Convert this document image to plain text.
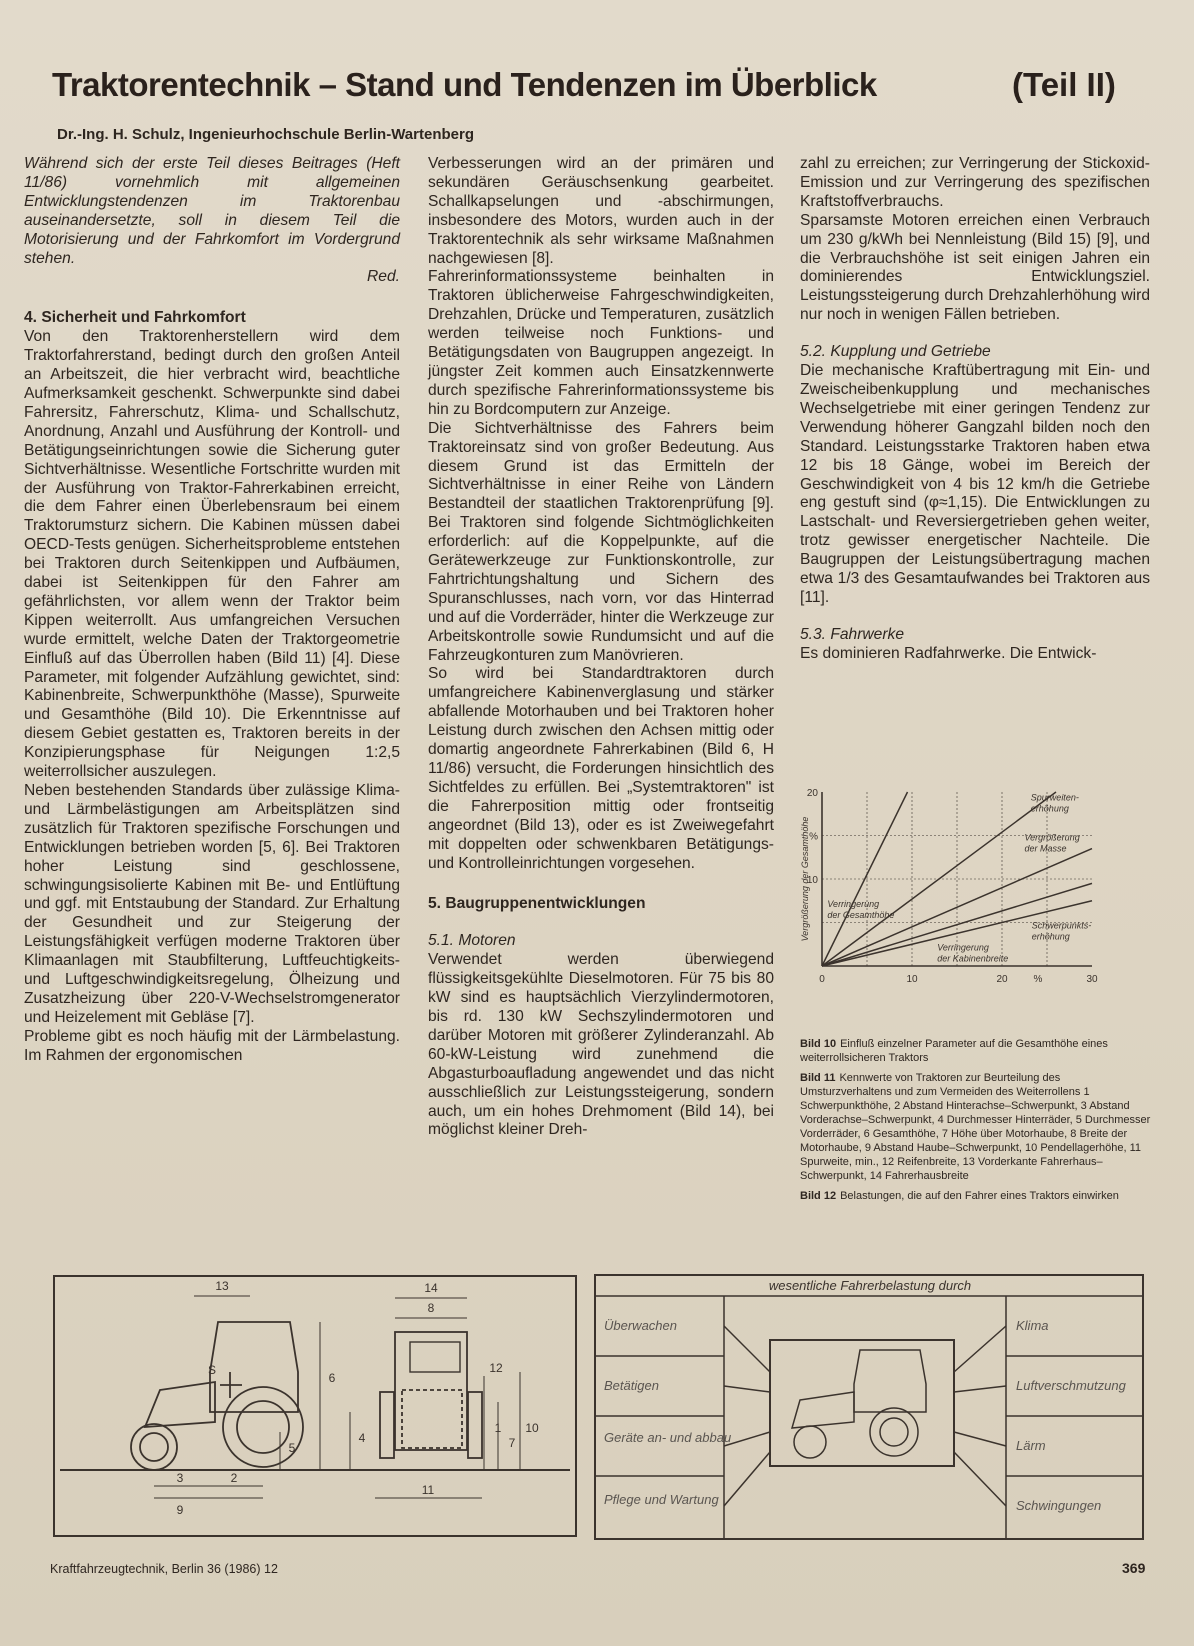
Traktorentechnik – Stand und Tendenzen im Überblick	(Teil II)
Dr.-Ing. H. Schulz, Ingenieurhochschule Berlin-Wartenberg

Während sich der erste Teil dieses Beitrages (Heft 11/86) vornehmlich mit allgemeinen Entwicklungstendenzen im Traktorenbau auseinandersetzte, soll in diesem Teil die Motorisierung und der Fahrkomfort im Vordergrund stehen.
Red.

4. Sicherheit und Fahrkomfort

Von den Traktorenherstellern wird dem Traktorfahrerstand, bedingt durch den großen Anteil an Arbeitszeit, die hier verbracht wird, beachtliche Aufmerksamkeit geschenkt. Schwerpunkte sind dabei Fahrersitz, Fahrerschutz, Klima- und Schallschutz, Anordnung, Anzahl und Ausführung der Kontroll- und Betätigungseinrichtungen sowie die Sicherung guter Sichtverhältnisse. Wesentliche Fortschritte wurden mit der Ausführung von Traktor-Fahrerkabinen erreicht, die dem Fahrer einen Überlebensraum bei einem Traktorumsturz sichern. Die Kabinen müssen dabei OECD-Tests genügen. Sicherheitsprobleme entstehen bei Traktoren durch Seitenkippen und Aufbäumen, dabei ist Seitenkippen für den Fahrer am gefährlichsten, vor allem wenn der Traktor beim Kippen weiterrollt. Aus umfangreichen Versuchen wurde ermittelt, welche Daten der Traktorgeometrie Einfluß auf das Überrollen haben (Bild 11) [4]. Diese Parameter, mit folgender Aufzählung gewichtet, sind: Kabinenbreite, Schwerpunkthöhe (Masse), Spurweite und Gesamthöhe (Bild 10). Die Erkenntnisse auf diesem Gebiet gestatten es, Traktoren bereits in der Konzipierungsphase für Neigungen 1:2,5 weiterrollsicher auszulegen.

Neben bestehenden Standards über zulässige Klima- und Lärmbelästigungen am Arbeitsplätzen sind zusätzlich für Traktoren spezifische Forschungen und Entwicklungen betrieben worden [5, 6]. Bei Traktoren hoher Leistung sind geschlossene, schwingungsisolierte Kabinen mit Be- und Entlüftung und ggf. mit Entstaubung der Standard. Zur Erhaltung der Gesundheit und zur Steigerung der Leistungsfähigkeit verfügen moderne Traktoren über Klimaanlagen mit Staubfilterung, Luftfeuchtigkeits- und Luftgeschwindigkeitsregelung, Ölheizung und Zusatzheizung über 220-V-Wechselstromgenerator und Heizelement mit Gebläse [7].

Probleme gibt es noch häufig mit der Lärmbelastung. Im Rahmen der ergonomischen

Verbesserungen wird an der primären und sekundären Geräuschsenkung gearbeitet. Schallkapselungen und -abschirmungen, insbesondere des Motors, wurden auch in der Traktorentechnik als sehr wirksame Maßnahmen nachgewiesen [8].

Fahrerinformationssysteme beinhalten in Traktoren üblicherweise Fahrgeschwindigkeiten, Drehzahlen, Drücke und Temperaturen, zusätzlich werden teilweise noch Funktions- und Betätigungsdaten von Baugruppen angezeigt. In jüngster Zeit kommen auch Einsatzkennwerte durch spezifische Fahrerinformationssysteme bis hin zu Bordcomputern zur Anzeige.

Die Sichtverhältnisse des Fahrers beim Traktoreinsatz sind von großer Bedeutung. Aus diesem Grund ist das Ermitteln der Sichtverhältnisse in einer Reihe von Ländern Bestandteil der staatlichen Traktorenprüfung [9]. Bei Traktoren sind folgende Sichtmöglichkeiten erforderlich: auf die Koppelpunkte, auf die Gerätewerkzeuge zur Funktionskontrolle, zur Fahrtrichtungshaltung und Sichern des Spuranschlusses, nach vorn, vor das Hinterrad und auf die Vorderräder, hinter die Werkzeuge zur Arbeitskontrolle sowie Rundumsicht und auf die Fahrzeugkonturen zum Manövrieren.

So wird bei Standardtraktoren durch umfangreichere Kabinenverglasung und stärker abfallende Motorhauben und bei Traktoren hoher Leistung durch zwischen den Achsen mittig oder domartig angeordnete Fahrerkabinen (Bild 6, H 11/86) versucht, die Forderungen hinsichtlich des Sichtfeldes zu erfüllen. Bei „Systemtraktoren" ist die Fahrerposition mittig oder frontseitig angeordnet (Bild 13), oder es ist Zweiwegefahrt mit doppelten oder schwenkbaren Betätigungs- und Kontrolleinrichtungen vorgesehen.

5. Baugruppenentwicklungen

5.1. Motoren

Verwendet werden überwiegend flüssigkeitsgekühlte Dieselmotoren. Für 75 bis 80 kW sind es hauptsächlich Vierzylindermotoren, bis rd. 130 kW Sechszylindermotoren und darüber Motoren mit größerer Zylinderanzahl. Ab 60-kW-Leistung wird zunehmend die Abgasturboaufladung angewendet und das nicht ausschließlich zur Leistungssteigerung, sondern auch, um ein hohes Drehmoment (Bild 14), bei möglichst kleiner Dreh-

zahl zu erreichen; zur Verringerung der Stickoxid-Emission und zur Verringerung des spezifischen Kraftstoffverbrauchs.

Sparsamste Motoren erreichen einen Verbrauch um 230 g/kWh bei Nennleistung (Bild 15) [9], und die Verbrauchshöhe ist seit einigen Jahren ein dominierendes Entwicklungsziel. Leistungssteigerung durch Drehzahlerhöhung wird nur noch in wenigen Fällen betrieben.

5.2. Kupplung und Getriebe

Die mechanische Kraftübertragung mit Ein- und Zweischeibenkupplung und mechanisches Wechselgetriebe mit einer geringen Tendenz zur Verwendung höherer Gangzahl bilden noch den Standard. Leistungsstarke Traktoren haben etwa 12 bis 18 Gänge, wobei im Bereich der Geschwindigkeit von 4 bis 12 km/h die Getriebe eng gestuft sind (φ≈1,15). Die Entwicklungen zu Lastschalt- und Reversiergetrieben gehen weiter, trotz gewisser energetischer Nachteile. Die Baugruppen der Leistungsübertragung machen etwa 1/3 des Gesamtaufwandes bei Traktoren aus [11].

5.3. Fahrwerke

Es dominieren Radfahrwerke. Die Entwick-

0	10	20	%	30
20
%
10
Vergrößerung der Gesamthöhe Verringerung
der Gesamthöhe
Spurweiten-
erhöhung
Vergrößerung
der Masse
Schwerpunkts-
erhöhung
Verringerung
der Kabinenbreite

Bild 10 Einfluß einzelner Parameter auf die Gesamthöhe eines weiterrollsicheren Traktors

Bild 11 Kennwerte von Traktoren zur Beurteilung des Umsturzverhaltens und zum Vermeiden des Weiterrollens 1 Schwerpunkthöhe, 2 Abstand Hinterachse–Schwerpunkt, 3 Abstand Vorderachse–Schwerpunkt, 4 Durchmesser Hinterräder, 5 Durchmesser Vorderräder, 6 Gesamthöhe, 7 Höhe über Motorhaube, 8 Breite der Motorhaube, 9 Abstand Haube–Schwerpunkt, 10 Pendellagerhöhe, 11 Spurweite, min., 12 Reifenbreite, 13 Vorderkante Fahrerhaus–Schwerpunkt, 14 Fahrerhausbreite

Bild 12 Belastungen, die auf den Fahrer eines Traktors einwirken

13
6
14
8
12
4
5
1
3	2
9
11
10
7
S
wesentliche Fahrerbelastung durch
Überwachen
Betätigen
Geräte an- und abbau
Pflege und Wartung
Klima
Luftverschmutzung
Lärm
Schwingungen
Kraftfahrzeugtechnik, Berlin 36 (1986) 12	369
